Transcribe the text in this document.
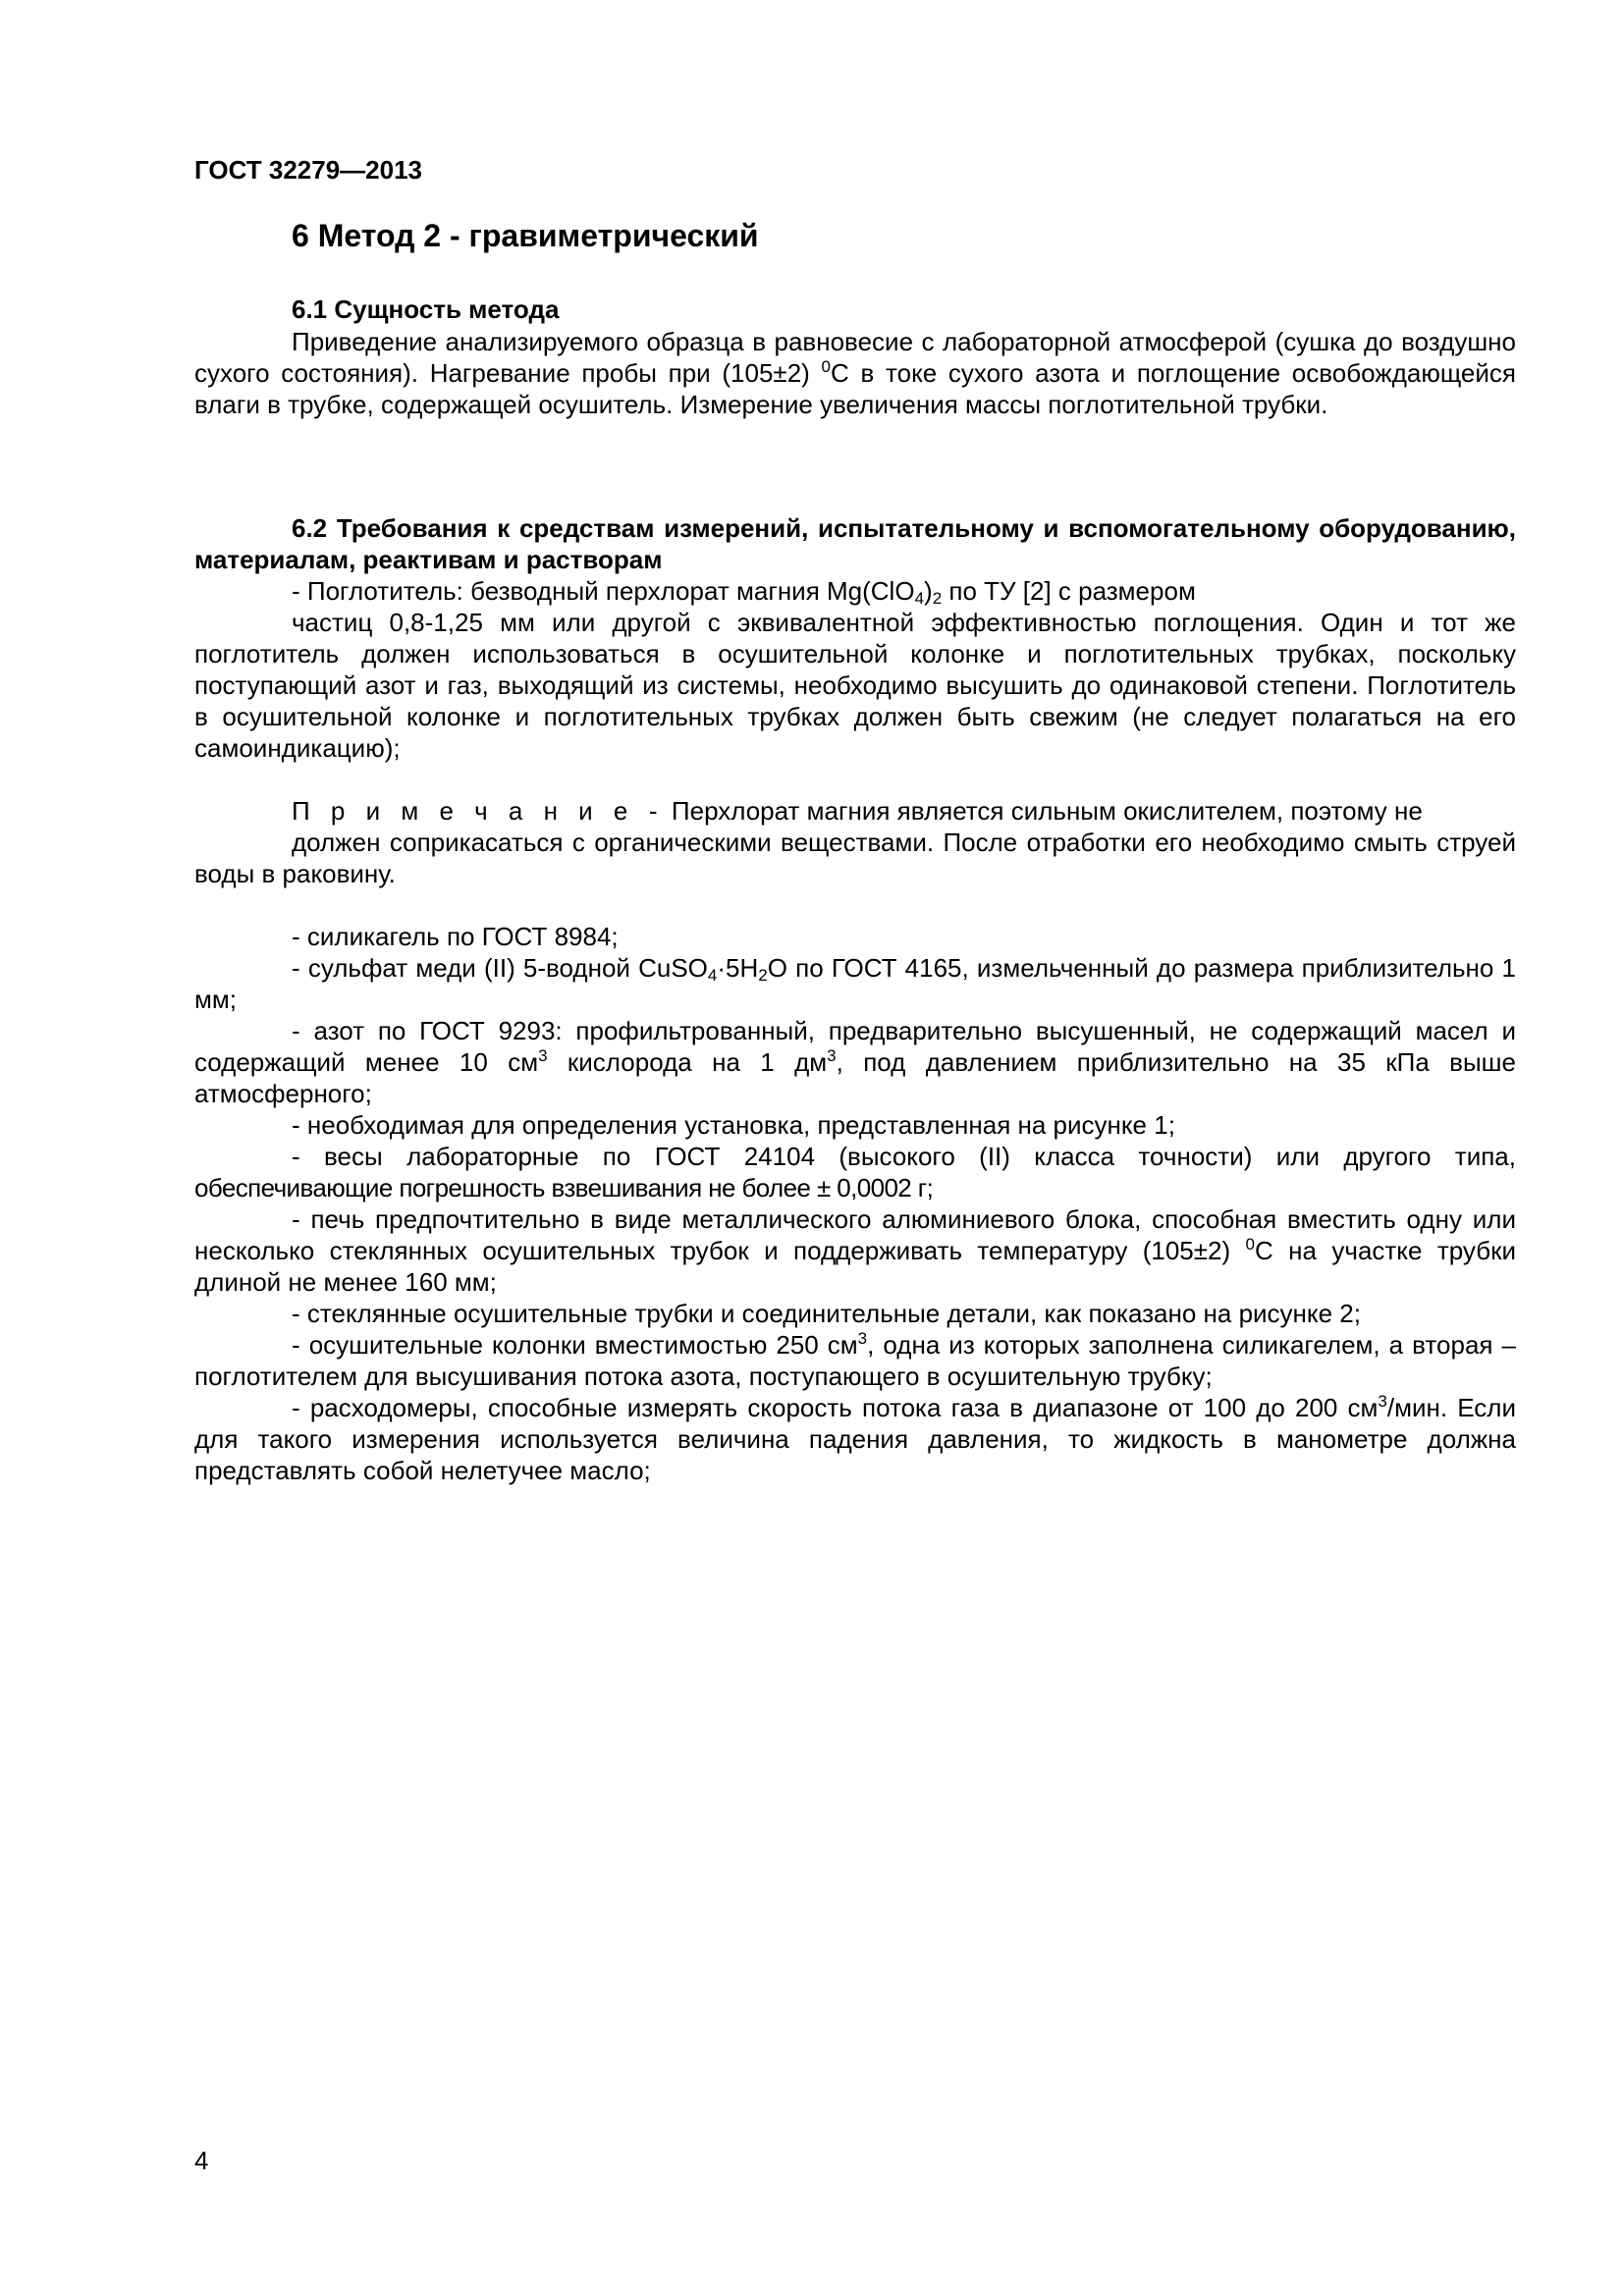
ГОСТ 32279—2013
6 Метод 2 - гравиметрический
6.1 Сущность метода

Приведение анализируемого образца в равновесие с лабораторной атмосферой (сушка до воздушно сухого состояния). Нагревание пробы при (105±2) $^0$С в токе сухого азота и поглощение освобождающейся влаги в трубке, содержащей осушитель. Измерение увеличения массы поглотительной трубки.

6.2 Требования к средствам измерений, испытательному и вспомогательному оборудованию, материалам, реактивам и растворам

- Поглотитель: безводный перхлорат магния $Mg(ClO_4)_2$ по ТУ [2] с размером

частиц 0,8-1,25 мм или другой с эквивалентной эффективностью поглощения. Один и тот же поглотитель должен использоваться в осушительной колонке и поглотительных трубках, поскольку поступающий азот и газ, выходящий из системы, необходимо высушить до одинаковой степени. Поглотитель в осушительной колонке и поглотительных трубках должен быть свежим (не следует полагаться на его самоиндикацию);

П р и м е ч а н и е  -  Перхлорат магния является сильным окислителем, поэтому не

должен соприкасаться с органическими веществами. После отработки его необходимо смыть струей воды в раковину.

- силикагель по ГОСТ 8984;

- сульфат меди (II) 5-водной $CuSO_4\cdot 5H_2O$ по ГОСТ 4165, измельченный до размера приблизительно 1 мм;

- азот по ГОСТ 9293: профильтрованный, предварительно высушенный, не содержащий масел и содержащий менее 10 $см^3$ кислорода на 1 $дм^3$, под давлением приблизительно на 35 кПа выше атмосферного;

- необходимая для определения установка, представленная на рисунке 1;

- весы лабораторные по ГОСТ 24104 (высокого (II) класса точности) или другого типа,

обеспечивающие погрешность взвешивания не более ± 0,0002 г;

- печь предпочтительно в виде металлического алюминиевого блока, способная вместить одну или несколько стеклянных осушительных трубок и поддерживать температуру (105±2) $^0$С на участке трубки длиной не менее 160 мм;

- стеклянные осушительные трубки и соединительные детали, как показано на рисунке 2;

- осушительные колонки вместимостью 250 $см^3$, одна из которых заполнена силикагелем, а вторая – поглотителем для высушивания потока азота, поступающего в осушительную трубку;

- расходомеры, способные измерять скорость потока газа в диапазоне от 100 до 200 $см^3$/мин. Если для такого измерения используется величина падения давления, то жидкость в манометре должна представлять собой нелетучее масло;

4
